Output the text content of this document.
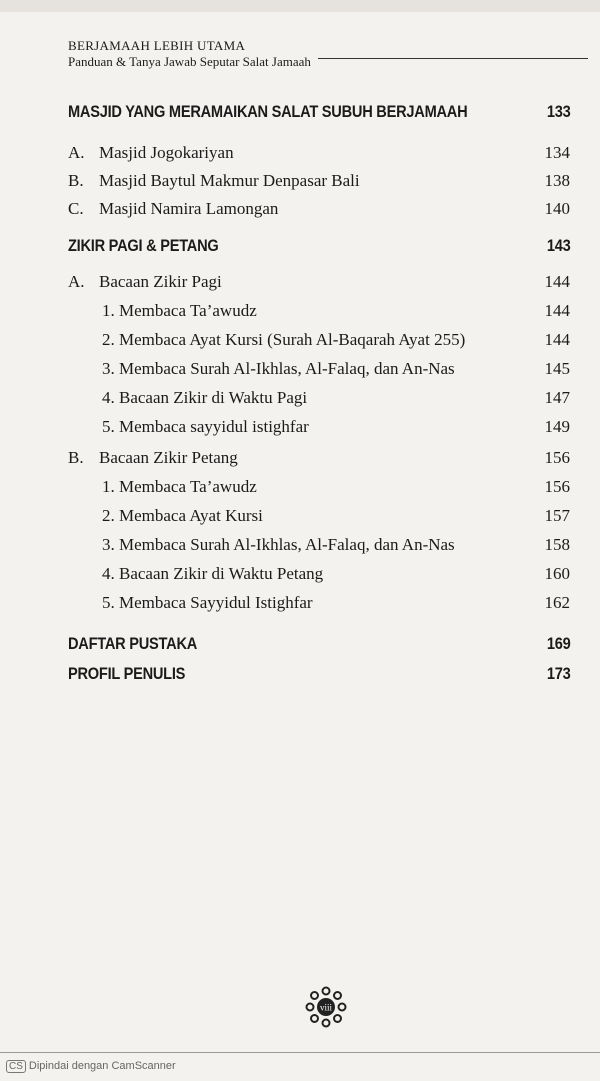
BERJAMAAH LEBIH UTAMA
Panduan & Tanya Jawab Seputar Salat Jamaah
MASJID YANG MERAMAIKAN SALAT SUBUH BERJAMAAH	133
A. Masjid Jogokariyan	134
B. Masjid Baytul Makmur Denpasar Bali	138
C. Masjid Namira Lamongan	140
ZIKIR PAGI & PETANG	143
A. Bacaan Zikir Pagi	144
1. Membaca Ta’awudz	144
2. Membaca Ayat Kursi (Surah Al-Baqarah Ayat 255)	144
3. Membaca Surah Al-Ikhlas, Al-Falaq, dan An-Nas	145
4. Bacaan Zikir di Waktu Pagi	147
5. Membaca sayyidul istighfar	149
B. Bacaan Zikir Petang	156
1. Membaca Ta’awudz	156
2. Membaca Ayat Kursi	157
3. Membaca Surah Al-Ikhlas, Al-Falaq, dan An-Nas	158
4. Bacaan Zikir di Waktu Petang	160
5. Membaca Sayyidul Istighfar	162
DAFTAR PUSTAKA	169
PROFIL PENULIS	173
viii
CS Dipindai dengan CamScanner
